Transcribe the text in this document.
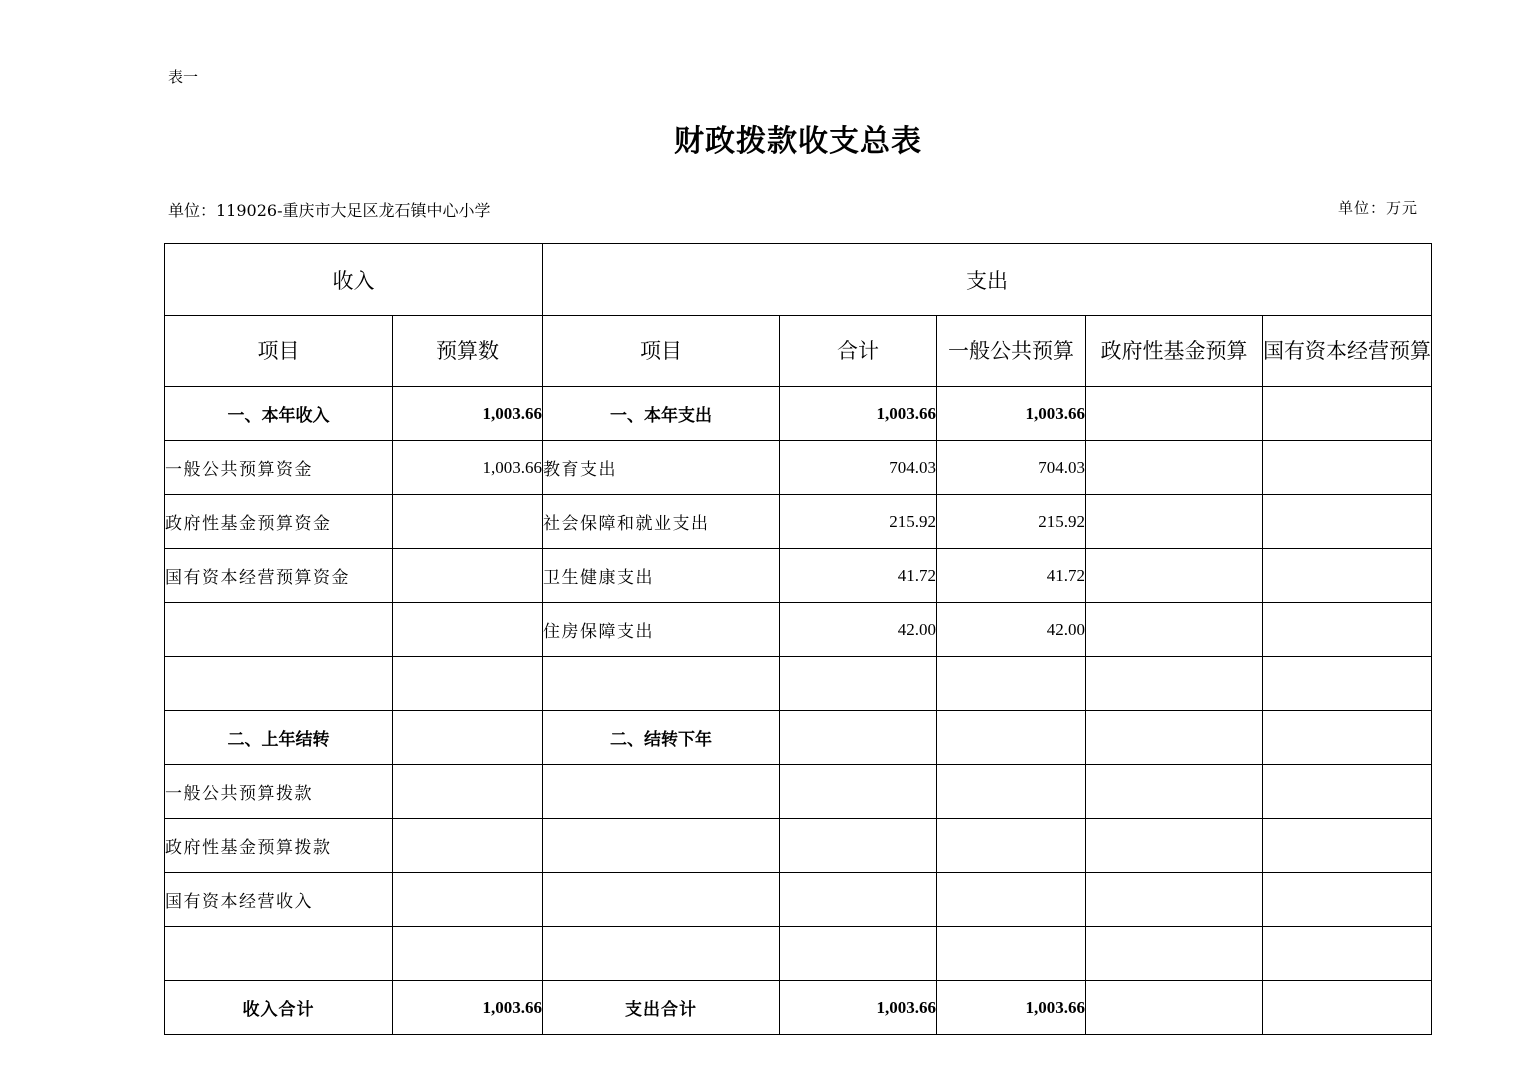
表一
财政拨款收支总表
单位：119026-重庆市大足区龙石镇中心小学	单位：万元
收入		支出				
项目	预算数	项目	合计	一般公共预算	政府性基金预算	国有资本经营预算
一、本年收入	1,003.66	一、本年支出	1,003.66	1,003.66		
一般公共预算资金	1,003.66	教育支出	704.03	704.03		
政府性基金预算资金		社会保障和就业支出	215.92	215.92		
国有资本经营预算资金		卫生健康支出	41.72	41.72		
		住房保障支出	42.00	42.00		

二、上年结转		二、结转下年				
一般公共预算拨款						
政府性基金预算拨款						
国有资本经营收入						

收入合计	1,003.66	支出合计	1,003.66	1,003.66		
